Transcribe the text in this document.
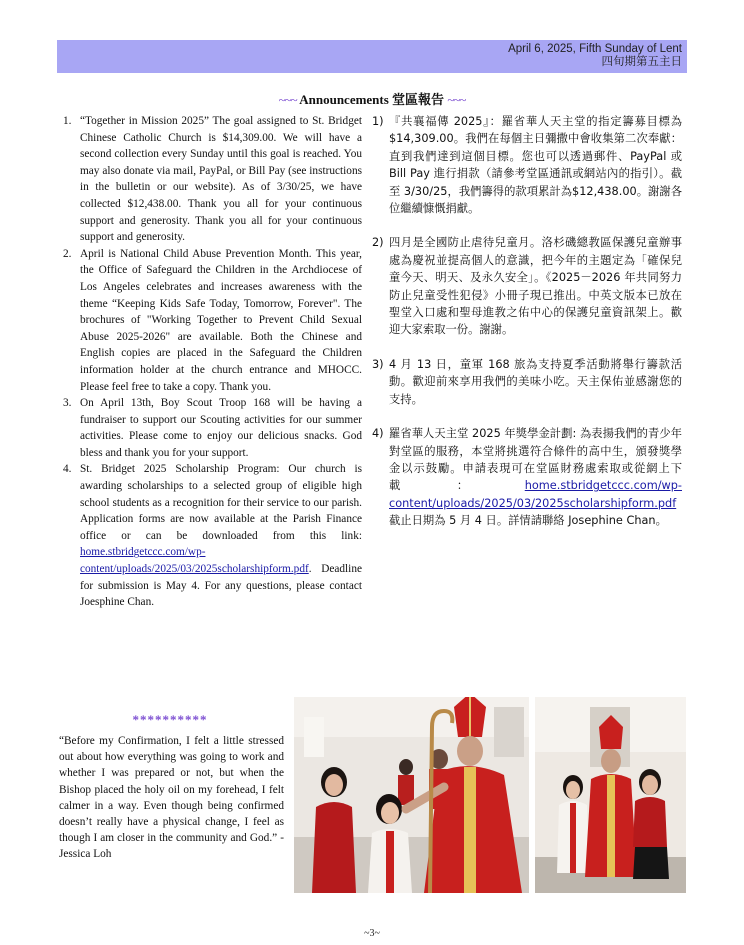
April 6, 2025, Fifth Sunday of Lent
四旬期第五主日
~~~ Announcements 堂區報告 ~~~
1. “Together in Mission 2025” The goal assigned to St. Bridget Chinese Catholic Church is $14,309.00. We will have a second collection every Sunday until this goal is reached. You may also donate via mail, PayPal, or Bill Pay (see instructions in the bulletin or our website). As of 3/30/25, we have collected $12,438.00. Thank you all for your continuous support and generosity. Thank you all for your continuous support and generosity.
2. April is National Child Abuse Prevention Month. This year, the Office of Safeguard the Children in the Archdiocese of Los Angeles celebrates and increases awareness with the theme “Keeping Kids Safe Today, Tomorrow, Forever". The brochures of "Working Together to Prevent Child Sexual Abuse 2025-2026" are available. Both the Chinese and English copies are placed in the Safeguard the Children information holder at the church entrance and MHOCC. Please feel free to take a copy. Thank you.
3. On April 13th, Boy Scout Troop 168 will be having a fundraiser to support our Scouting activities for our summer activities. Please come to enjoy our delicious snacks. God bless and thank you for your support.
4. St. Bridget 2025 Scholarship Program: Our church is awarding scholarships to a selected group of eligible high school students as a recognition for their service to our parish. Application forms are now available at the Parish Finance office or can be downloaded from this link: home.stbridgetccc.com/wp-content/uploads/2025/03/2025scholarshipform.pdf. Deadline for submission is May 4. For any questions, please contact Joesphine Chan.
1) 『共襄福傳 2025』：羅省華人天主堂的指定籌募目標為$14,309.00。我們在每個主日彌撒中會收集第二次奉獻：直到我們達到這個目標。您也可以透過郵件、PayPal 或 Bill Pay 進行捐款（請參考堂區通訊或網站內的指引）。截至 3/30/25，我們籌得的款項累計為$12,438.00。謝謝各位繼續慷慨捐獻。
2) 四月是全國防止虐待兒童月。洛杉磯總教區保護兒童辦事處為慶祝並提高個人的意識，把今年的主題定為「確保兒童今天、明天、及永久安全」。《2025－2026 年共同努力防止兒童受性犯侵》小冊子現已推出。中英文版本已放在聖堂入口處和聖母進教之佑中心的保護兒童資訊架上。歡迎大家索取一份。謝謝。
3) 4 月 13 日，童軍 168 旅為支持夏季活動將舉行籌款活動。歡迎前來享用我們的美味小吃。天主保佑並感謝您的支持。
4) 羅省華人天主堂 2025 年獎學金計劃: 為表揚我們的青少年對堂區的服務，本堂將挑選符合條件的高中生，頒發獎學金以示鼓勵。申請表現可在堂區財務處索取或從網上下載：home.stbridgetccc.com/wp-content/uploads/2025/03/2025scholarshipform.pdf 截止日期為 5 月 4 日。詳情請聯絡 Josephine Chan。
**********
“Before my Confirmation, I felt a little stressed out about how everything was going to work and whether I was prepared or not, but when the Bishop placed the holy oil on my forehead, I felt calmer in a way. Even though being confirmed doesn’t really have a physical change, I feel as though I am closer in the community and God.” - Jessica Loh
~3~
